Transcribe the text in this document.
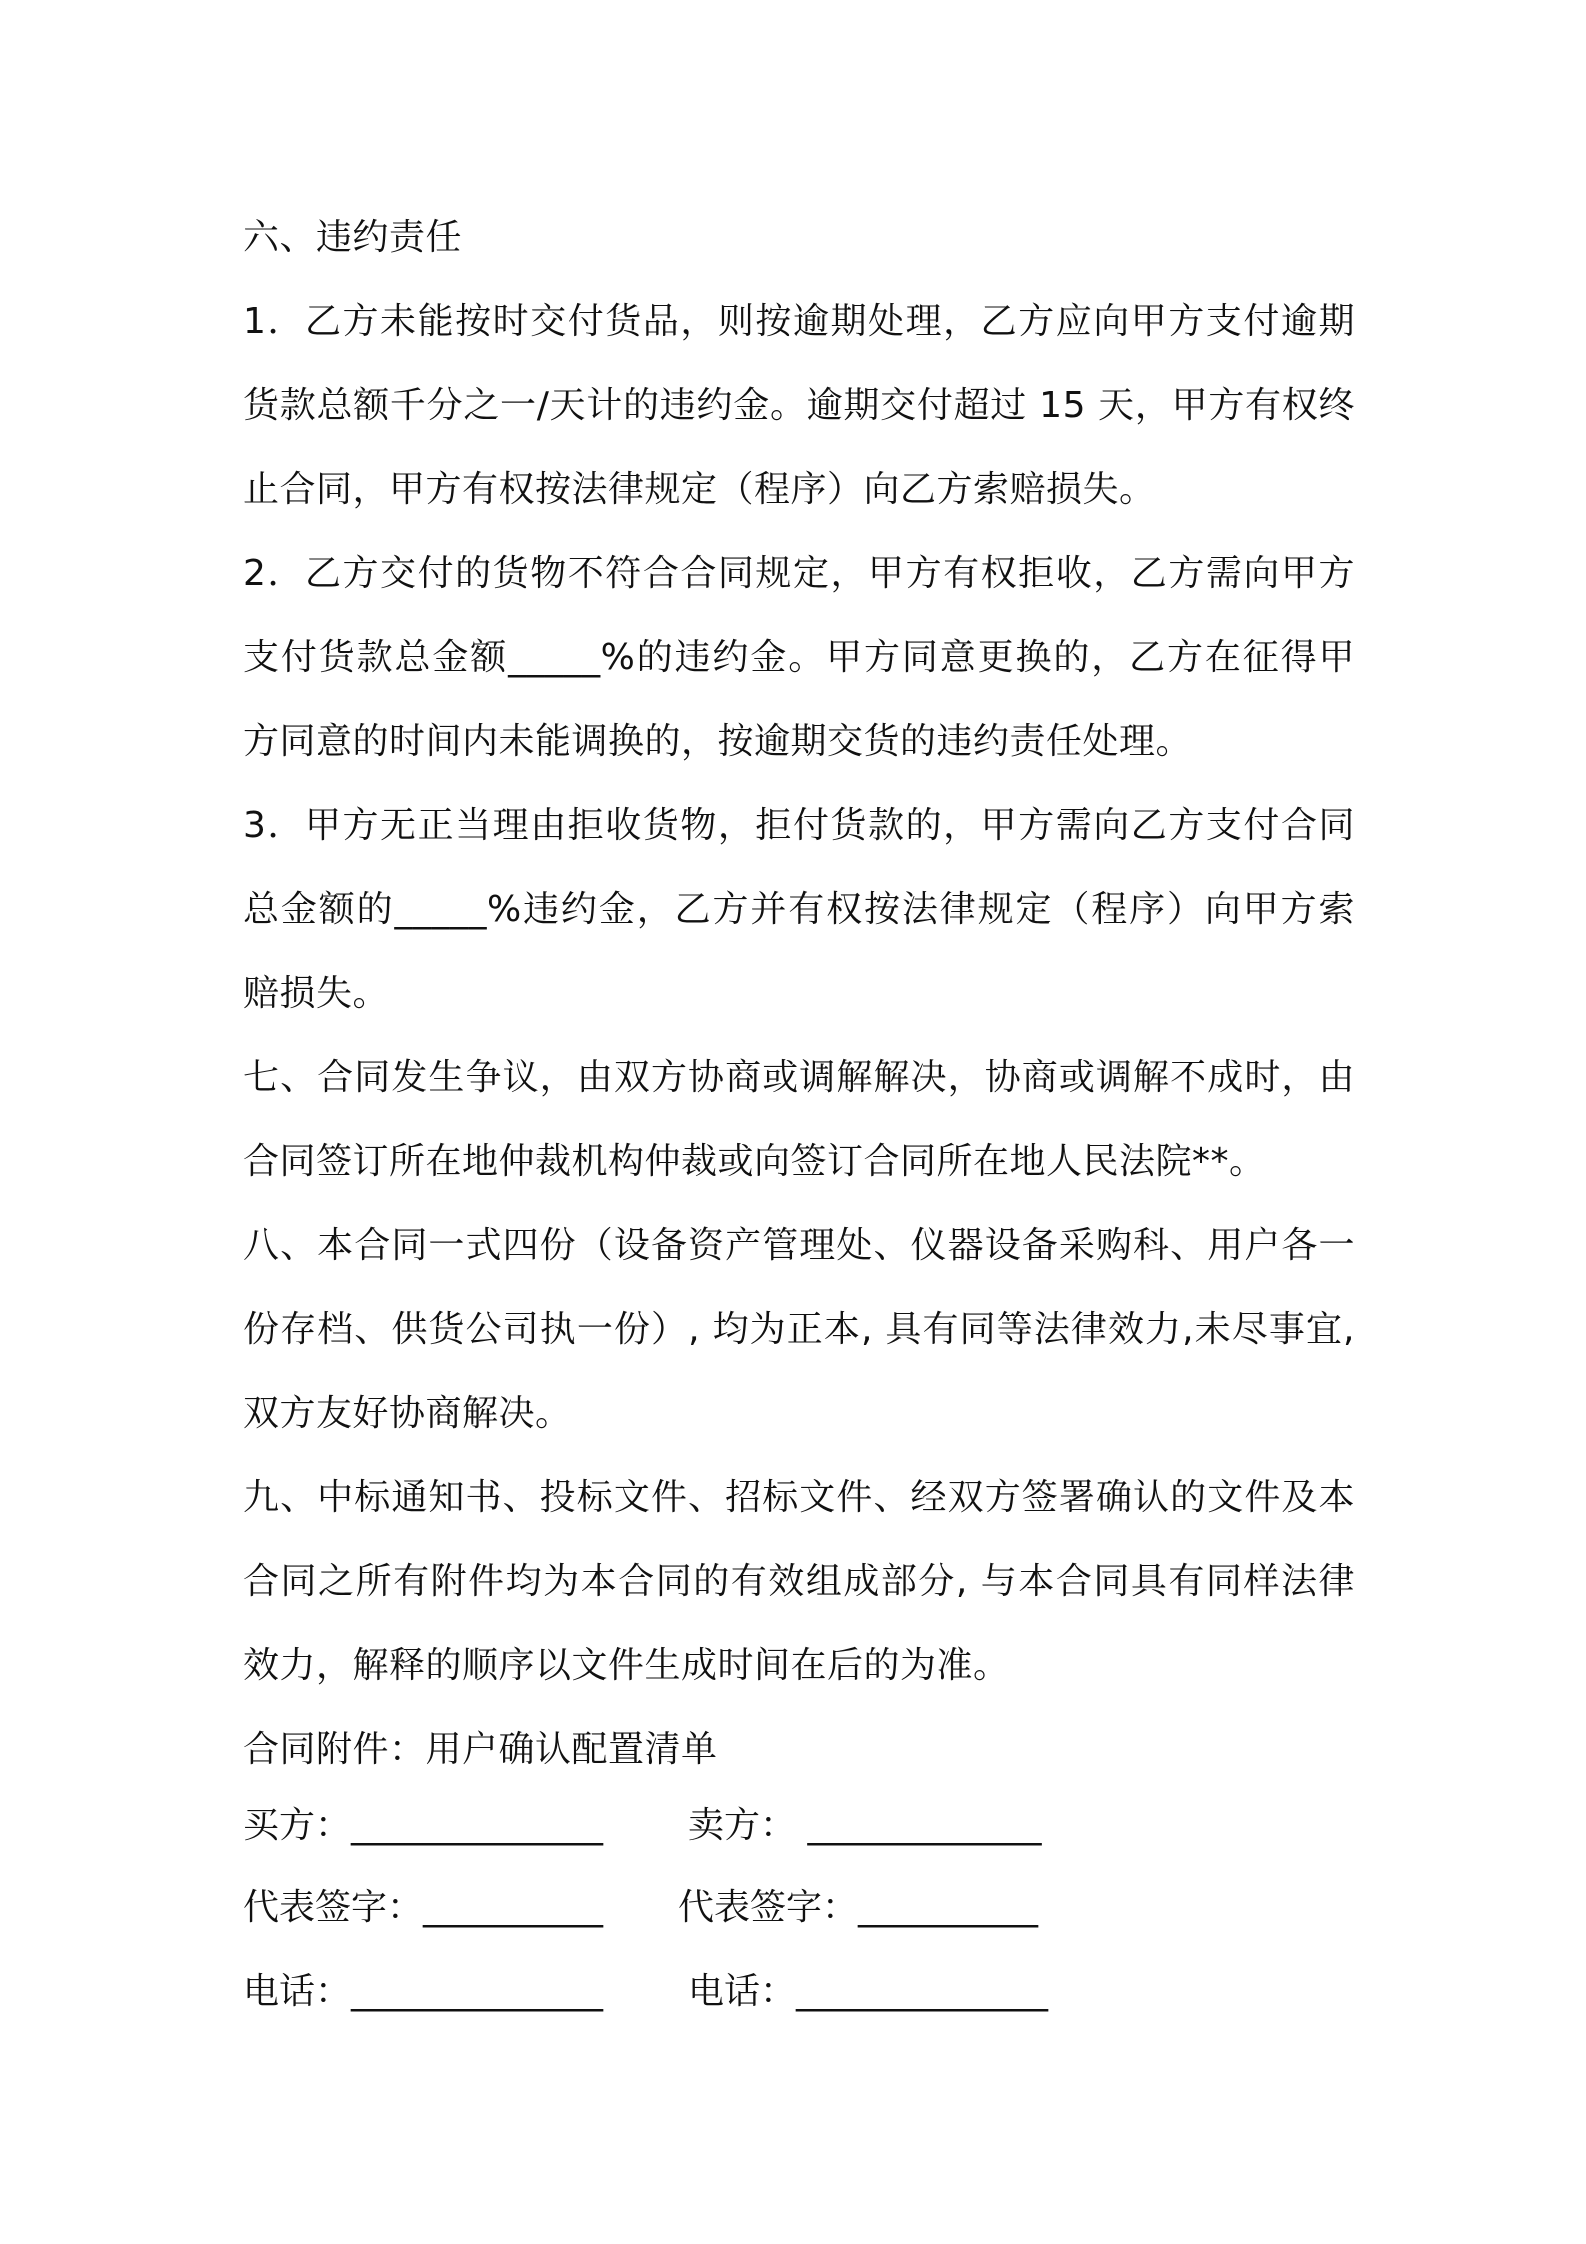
六、违约责任
1．乙方未能按时交付货品，则按逾期处理，乙方应向甲方支付逾期
货款总额千分之一/天计的违约金。逾期交付超过 15 天，甲方有权终
止合同，甲方有权按法律规定（程序）向乙方索赔损失。
2．乙方交付的货物不符合合同规定，甲方有权拒收，乙方需向甲方
支付货款总金额_____%的违约金。甲方同意更换的，乙方在征得甲
方同意的时间内未能调换的，按逾期交货的违约责任处理。
3．甲方无正当理由拒收货物，拒付货款的，甲方需向乙方支付合同
总金额的_____%违约金，乙方并有权按法律规定（程序）向甲方索
赔损失。
七、合同发生争议，由双方协商或调解解决，协商或调解不成时，由
合同签订所在地仲裁机构仲裁或向签订合同所在地人民法院**。
八、本合同一式四份（设备资产管理处、仪器设备采购科、用户各一
份存档、供货公司执一份）, 均为正本, 具有同等法律效力,未尽事宜,
双方友好协商解决。
九、中标通知书、投标文件、招标文件、经双方签署确认的文件及本
合同之所有附件均为本合同的有效组成部分, 与本合同具有同样法律
效力，解释的顺序以文件生成时间在后的为准。
合同附件：用户确认配置清单
买方：______________ 卖方： _____________
代表签字：__________ 代表签字：__________
电话：______________ 电话：______________
